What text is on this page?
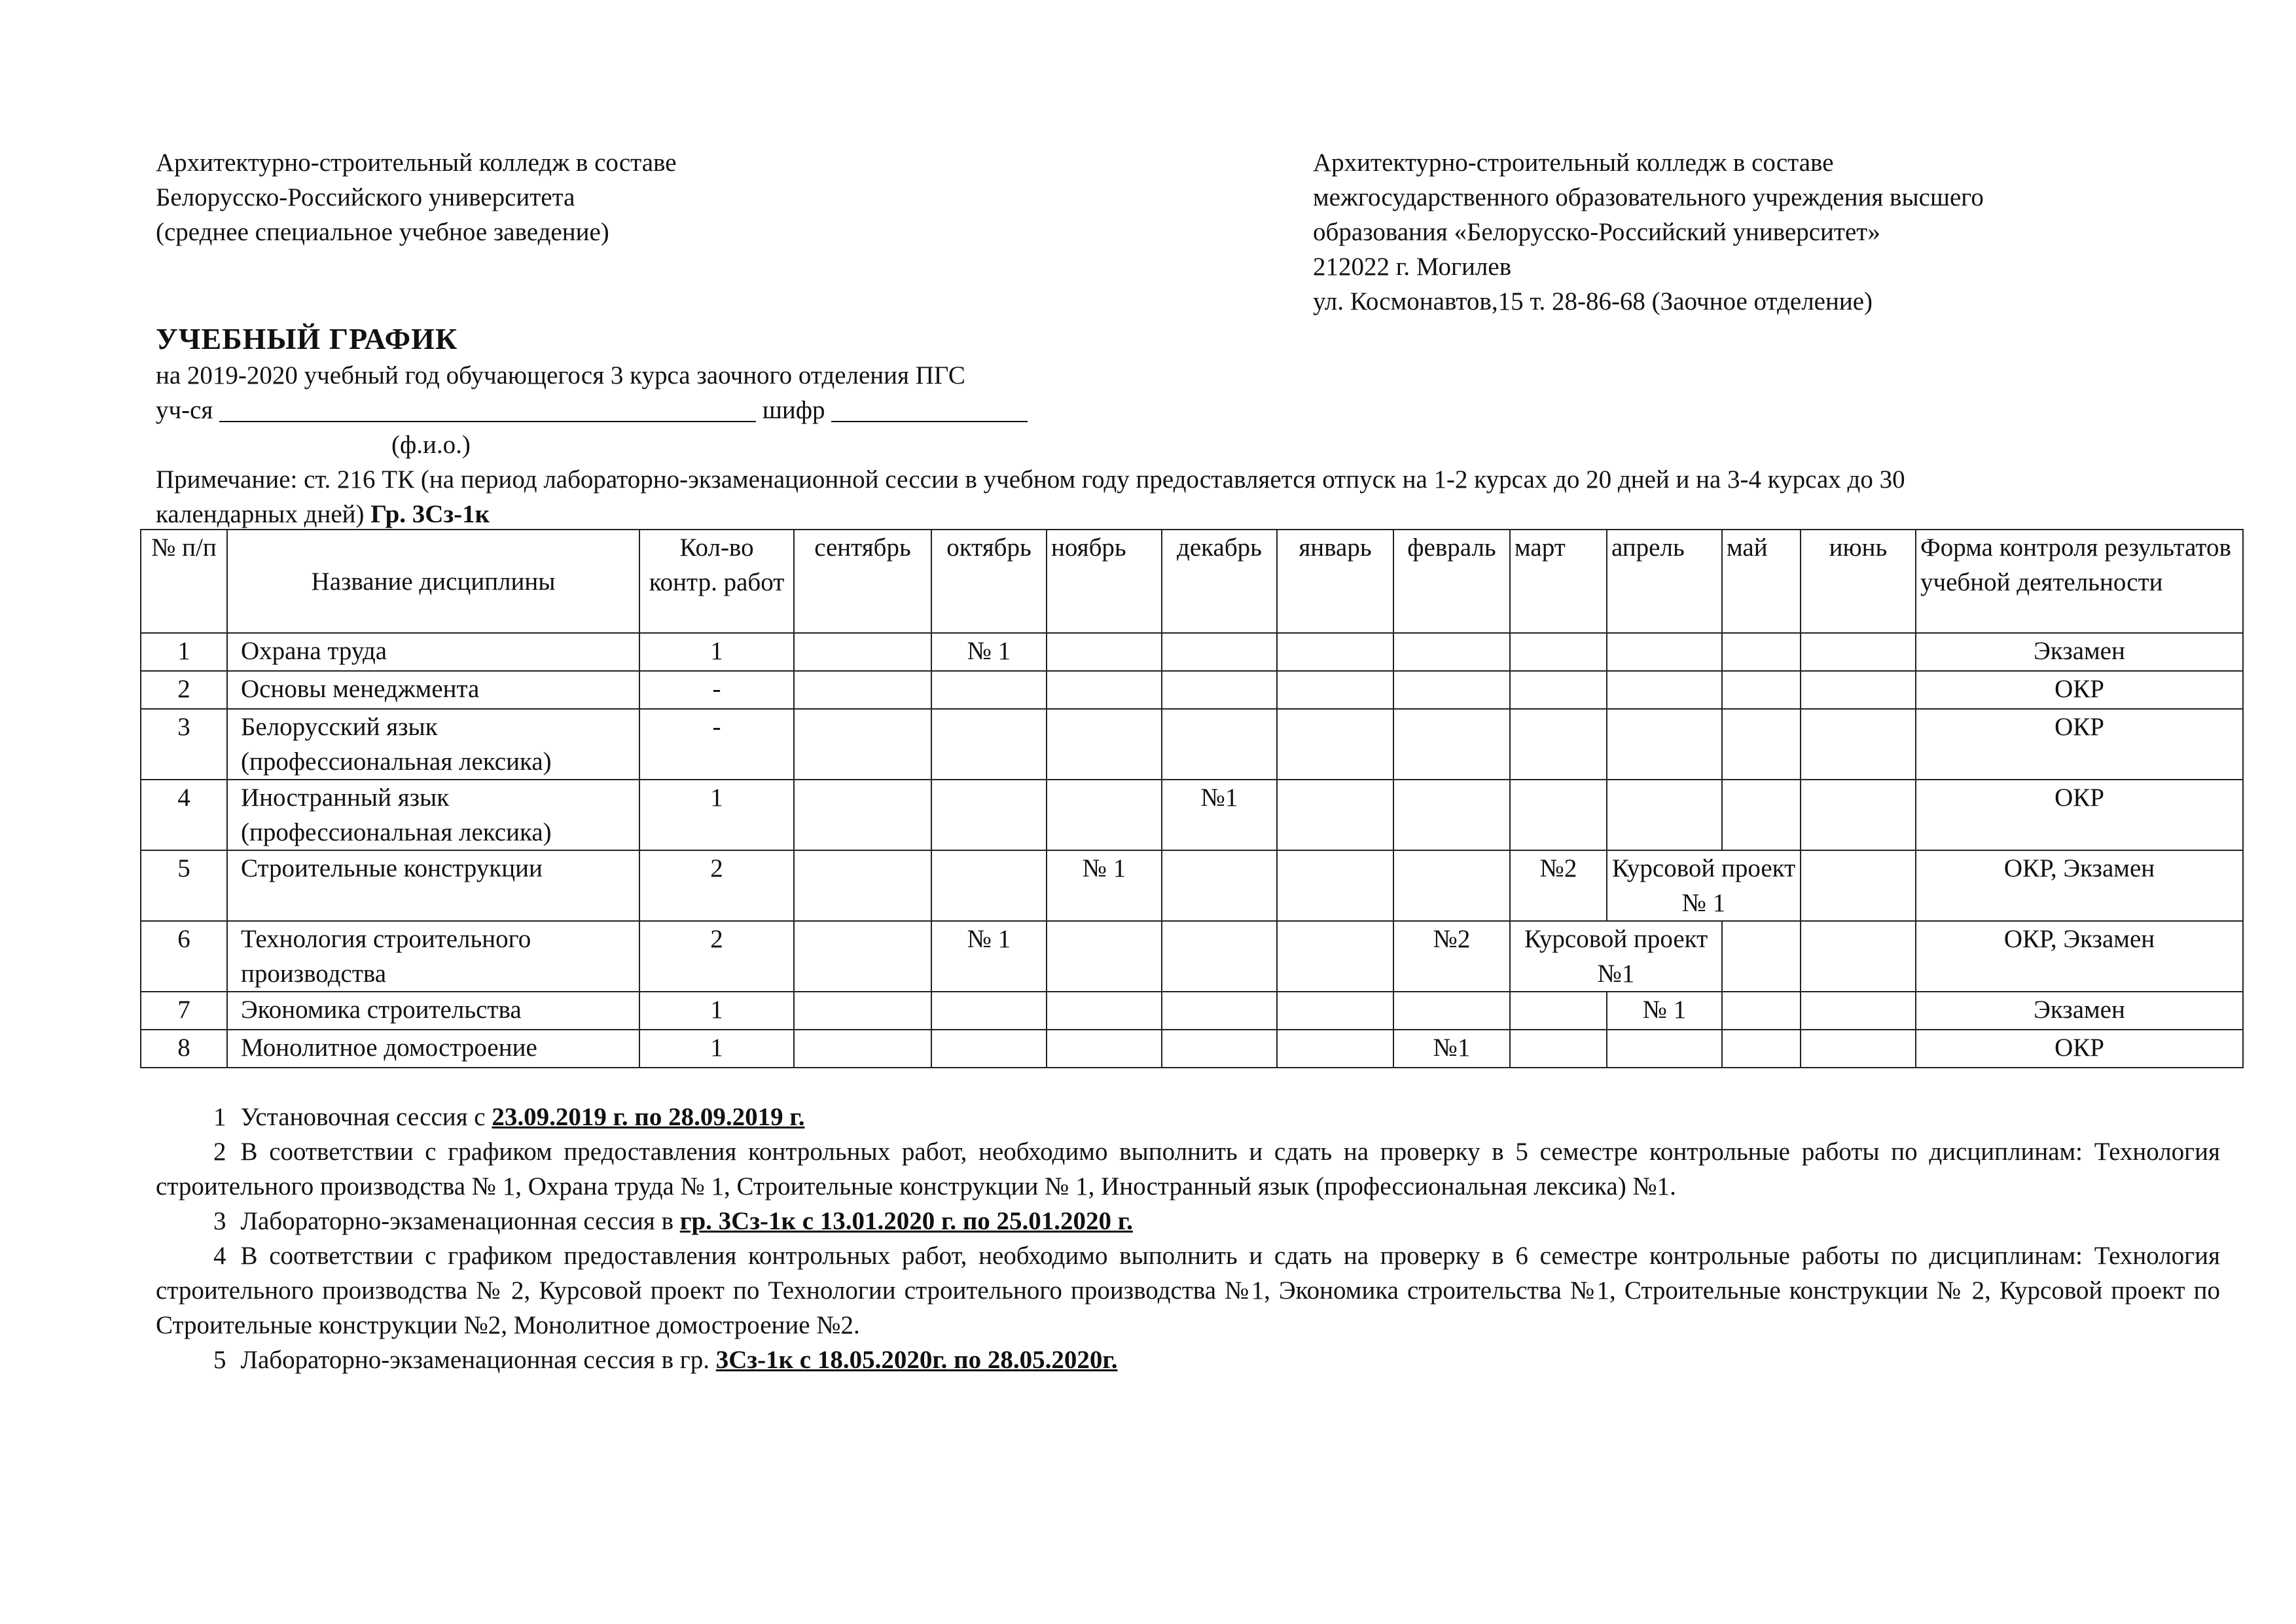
Архитектурно-строительный колледж в составе
Белорусско-Российского университета
(среднее специальное учебное заведение)
Архитектурно-строительный колледж в составе
межгосударственного образовательного учреждения высшего
образования «Белорусско-Российский университет»
212022 г. Могилев
ул. Космонавтов,15 т. 28-86-68 (Заочное отделение)
УЧЕБНЫЙ ГРАФИК
на 2019-2020 учебный год обучающегося 3 курса заочного отделения ПГС
уч-ся	шифр
(ф.и.о.)
Примечание: ст. 216 ТК (на период лабораторно-экзаменационной сессии в учебном году предоставляется отпуск на 1-2 курсах до 20 дней и на 3-4 курсах до 30
календарных дней) Гр. 3Сз-1к
№ п/п	Название дисциплины	Кол-во контр. работ	сентябрь	октябрь	ноябрь	декабрь	январь	февраль	март	апрель	май	июнь	Форма контроля результатов учебной деятельности
1	Охрана труда	1		№ 1									Экзамен
2	Основы менеджмента	-											ОКР
3	Белорусский язык (профессиональная лексика)	-											ОКР
4	Иностранный язык (профессиональная лексика)	1				№1							ОКР
5	Строительные конструкции	2			№ 1				№2	Курсовой проект № 1			ОКР, Экзамен
6	Технология строительного производства	2		№ 1				№2	Курсовой проект №1				ОКР, Экзамен
7	Экономика строительства	1								№ 1			Экзамен
8	Монолитное домостроение	1						№1					ОКР

1 Установочная сессия с 23.09.2019 г. по 28.09.2019 г.

2 В соответствии с графиком предоставления контрольных работ, необходимо выполнить и сдать на проверку в 5 семестре контрольные работы по дисциплинам: Технология строительного производства № 1, Охрана труда № 1, Строительные конструкции № 1, Иностранный язык (профессиональная лексика) №1.

3 Лабораторно-экзаменационная сессия в гр. 3Сз-1к с 13.01.2020 г. по 25.01.2020 г.

4 В соответствии с графиком предоставления контрольных работ, необходимо выполнить и сдать на проверку в 6 семестре контрольные работы по дисциплинам: Технология строительного производства № 2, Курсовой проект по Технологии строительного производства №1, Экономика строительства №1, Строительные конструкции № 2, Курсовой проект по Строительные конструкции №2, Монолитное домостроение №2.

5 Лабораторно-экзаменационная сессия в гр. 3Сз-1к с 18.05.2020г. по 28.05.2020г.
